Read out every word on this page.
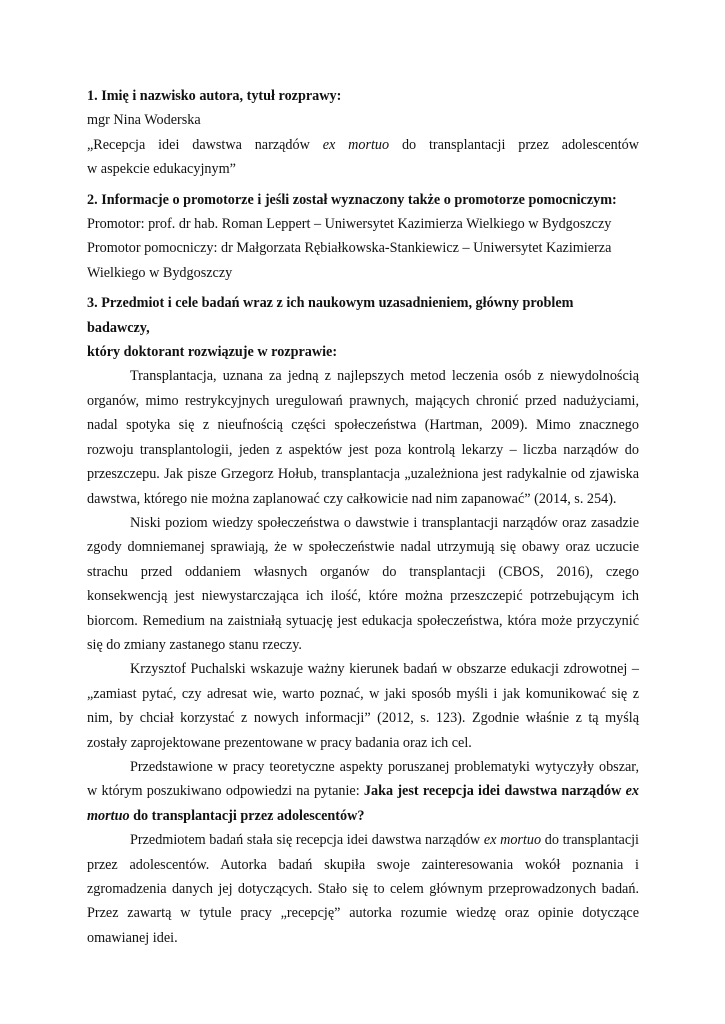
1. Imię i nazwisko autora, tytuł rozprawy:

mgr Nina Woderska

„Recepcja idei dawstwa narządów ex mortuo do transplantacji przez adolescentów

w aspekcie edukacyjnym”

2. Informacje o promotorze i jeśli został wyznaczony także o promotorze pomocniczym:

Promotor: prof. dr hab. Roman Leppert – Uniwersytet Kazimierza Wielkiego w Bydgoszczy

Promotor pomocniczy: dr Małgorzata Rębiałkowska-Stankiewicz – Uniwersytet Kazimierza

Wielkiego w Bydgoszczy

3. Przedmiot i cele badań wraz z ich naukowym uzasadnieniem, główny problem badawczy,

który doktorant rozwiązuje w rozprawie:

Transplantacja, uznana za jedną z najlepszych metod leczenia osób z niewydolnością organów, mimo restrykcyjnych uregulowań prawnych, mających chronić przed nadużyciami, nadal spotyka się z nieufnością części społeczeństwa (Hartman, 2009). Mimo znacznego rozwoju transplantologii, jeden z aspektów jest poza kontrolą lekarzy – liczba narządów do przeszczepu. Jak pisze Grzegorz Hołub, transplantacja „uzależniona jest radykalnie od zjawiska dawstwa, którego nie można zaplanować czy całkowicie nad nim zapanować” (2014, s. 254).

Niski poziom wiedzy społeczeństwa o dawstwie i transplantacji narządów oraz zasadzie zgody domniemanej sprawiają, że w społeczeństwie nadal utrzymują się obawy oraz uczucie strachu przed oddaniem własnych organów do transplantacji (CBOS, 2016), czego konsekwencją jest niewystarczająca ich ilość, które można przeszczepić potrzebującym ich biorcom. Remedium na zaistniałą sytuację jest edukacja społeczeństwa, która może przyczynić się do zmiany zastanego stanu rzeczy.

Krzysztof Puchalski wskazuje ważny kierunek badań w obszarze edukacji zdrowotnej – „zamiast pytać, czy adresat wie, warto poznać, w jaki sposób myśli i jak komunikować się z nim, by chciał korzystać z nowych informacji” (2012, s. 123). Zgodnie właśnie z tą myślą zostały zaprojektowane prezentowane w pracy badania oraz ich cel.

Przedstawione w pracy teoretyczne aspekty poruszanej problematyki wytyczyły obszar, w którym poszukiwano odpowiedzi na pytanie: Jaka jest recepcja idei dawstwa narządów ex mortuo do transplantacji przez adolescentów?

Przedmiotem badań stała się recepcja idei dawstwa narządów ex mortuo do transplantacji przez adolescentów. Autorka badań skupiła swoje zainteresowania wokół poznania i zgromadzenia danych jej dotyczących. Stało się to celem głównym przeprowadzonych badań. Przez zawartą w tytule pracy „recepcję” autorka rozumie wiedzę oraz opinie dotyczące omawianej idei.
